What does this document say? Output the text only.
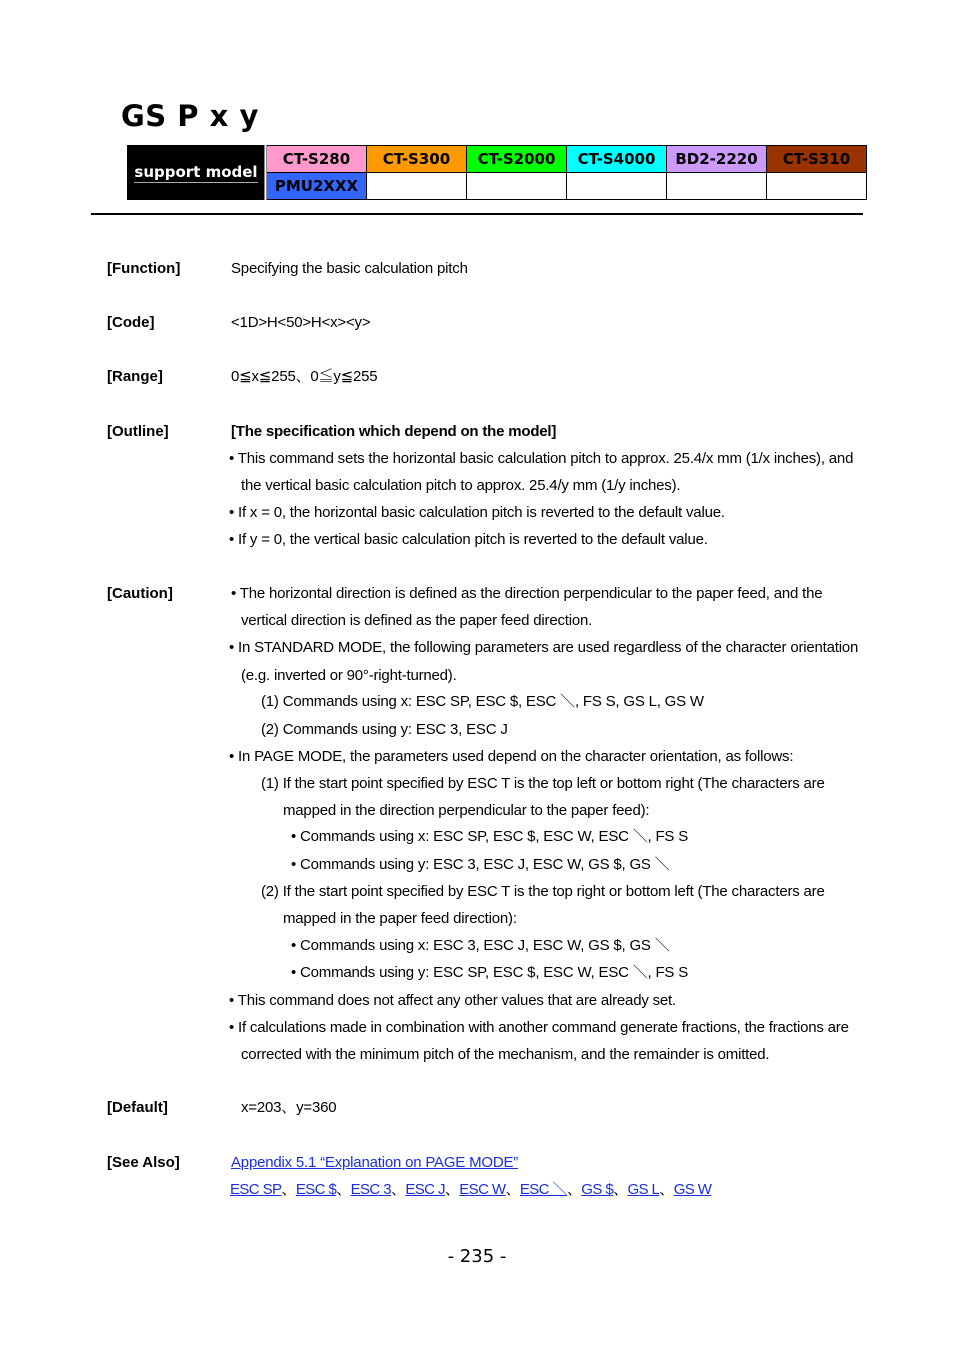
GS P x y
support model	CT-S280	CT-S300	CT-S2000	CT-S4000	BD2-2220	CT-S310
	PMU2XXX					
[Function]	Specifying the basic calculation pitch
[Code]	<1D>H<50>H<x><y>
[Range]	0≦x≦255、0≦y≦255
[Outline]	[The specification which depend on the model]
• This command sets the horizontal basic calculation pitch to approx. 25.4/x mm (1/x inches), and
the vertical basic calculation pitch to approx. 25.4/y mm (1/y inches).
• If x = 0, the horizontal basic calculation pitch is reverted to the default value.
• If y = 0, the vertical basic calculation pitch is reverted to the default value.
[Caution]	• The horizontal direction is defined as the direction perpendicular to the paper feed, and the
vertical direction is defined as the paper feed direction.
• In STANDARD MODE, the following parameters are used regardless of the character orientation
(e.g. inverted or 90°-right-turned).
(1) Commands using x: ESC SP, ESC $, ESC ＼, FS S, GS L, GS W
(2) Commands using y: ESC 3, ESC J
• In PAGE MODE, the parameters used depend on the character orientation, as follows:
(1) If the start point specified by ESC T is the top left or bottom right (The characters are
mapped in the direction perpendicular to the paper feed):
• Commands using x: ESC SP, ESC $, ESC W, ESC ＼, FS S
• Commands using y: ESC 3, ESC J, ESC W, GS $, GS ＼
(2) If the start point specified by ESC T is the top right or bottom left (The characters are
mapped in the paper feed direction):
• Commands using x: ESC 3, ESC J, ESC W, GS $, GS ＼
• Commands using y: ESC SP, ESC $, ESC W, ESC ＼, FS S
• This command does not affect any other values that are already set.
• If calculations made in combination with another command generate fractions, the fractions are
corrected with the minimum pitch of the mechanism, and the remainder is omitted.
[Default]	x=203、y=360
[See Also]	Appendix 5.1 “Explanation on PAGE MODE”
ESC SP、ESC $、ESC 3、ESC J、ESC W、ESC ＼、GS $、GS L、GS W
- 235 -
